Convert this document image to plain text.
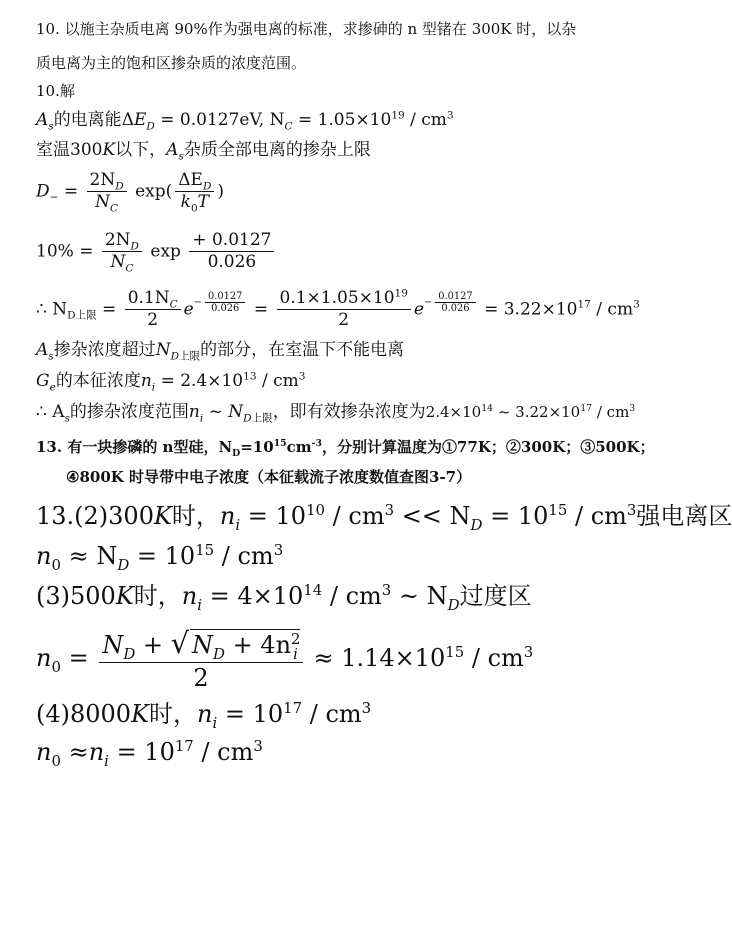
10. 以施主杂质电离 90%作为强电离的标准，求掺砷的 n 型锗在 300K 时，以杂
质电离为主的饱和区掺杂质的浓度范围。
10.解
$A_s$的电离能$\Delta E_D = 0.0127eV$, $N_C = 1.05\times 10^{19} / cm^3$
室温300K以下，$A_s$杂质全部电离的掺杂上限
$D_- = \frac{2N_D}{N_C} \exp( \frac{\Delta E_D}{k_0T}$ )
$10\% = \frac{2N_D}{N_C}$ $\exp \frac{+ 0.0127}{0.026}$
∴ $N_{D上限} = \frac{0.1N_C}{2} e^{- \frac{0.0127}{0.026}} = \frac{0.1\times 1.05\times 10^{19}}{2} e^{- \frac{0.0127}{0.026}} = 3.22\times 10^{17} / cm^3$
$A_s$掺杂浓度超过$N_{D上限}$的部分，在室温下不能电离
$G_e$的本征浓度$n_i = 2.4\times 10^{13} / cm^3$
∴ $A_s$的掺杂浓度范围$n_i$ ~ $N_{D上限}$，即有效掺杂浓度为$2.4\times 10^{14}$ ~ $3.22\times 10^{17} / cm^3$
13. 有一块掺磷的 n型硅，$N_D=10^{15}cm^{-3}$，分别计算温度为①77K；②300K；③500K；
④800K 时导带中电子浓度（本征载流子浓度数值查图3-7）
13.(2)300K时，$n_i = 10^{10} / cm^3 << N_D = 10^{15} / cm^3$强电离区
$n_0 \approx N_D = 10^{15} / cm^3$
(3)500K时，$n_i = 4\times 10^{14} / cm^3$ ~ $N_D$过度区
$n_0 = \frac{N_D + √ N_D + 4n^2_i}{2} \approx 1.14\times 10^{15} / cm^3$
(4)8000K时，$n_i = 10^{17} / cm^3$
$n_0 \approx n_i = 10^{17} / cm^3$
